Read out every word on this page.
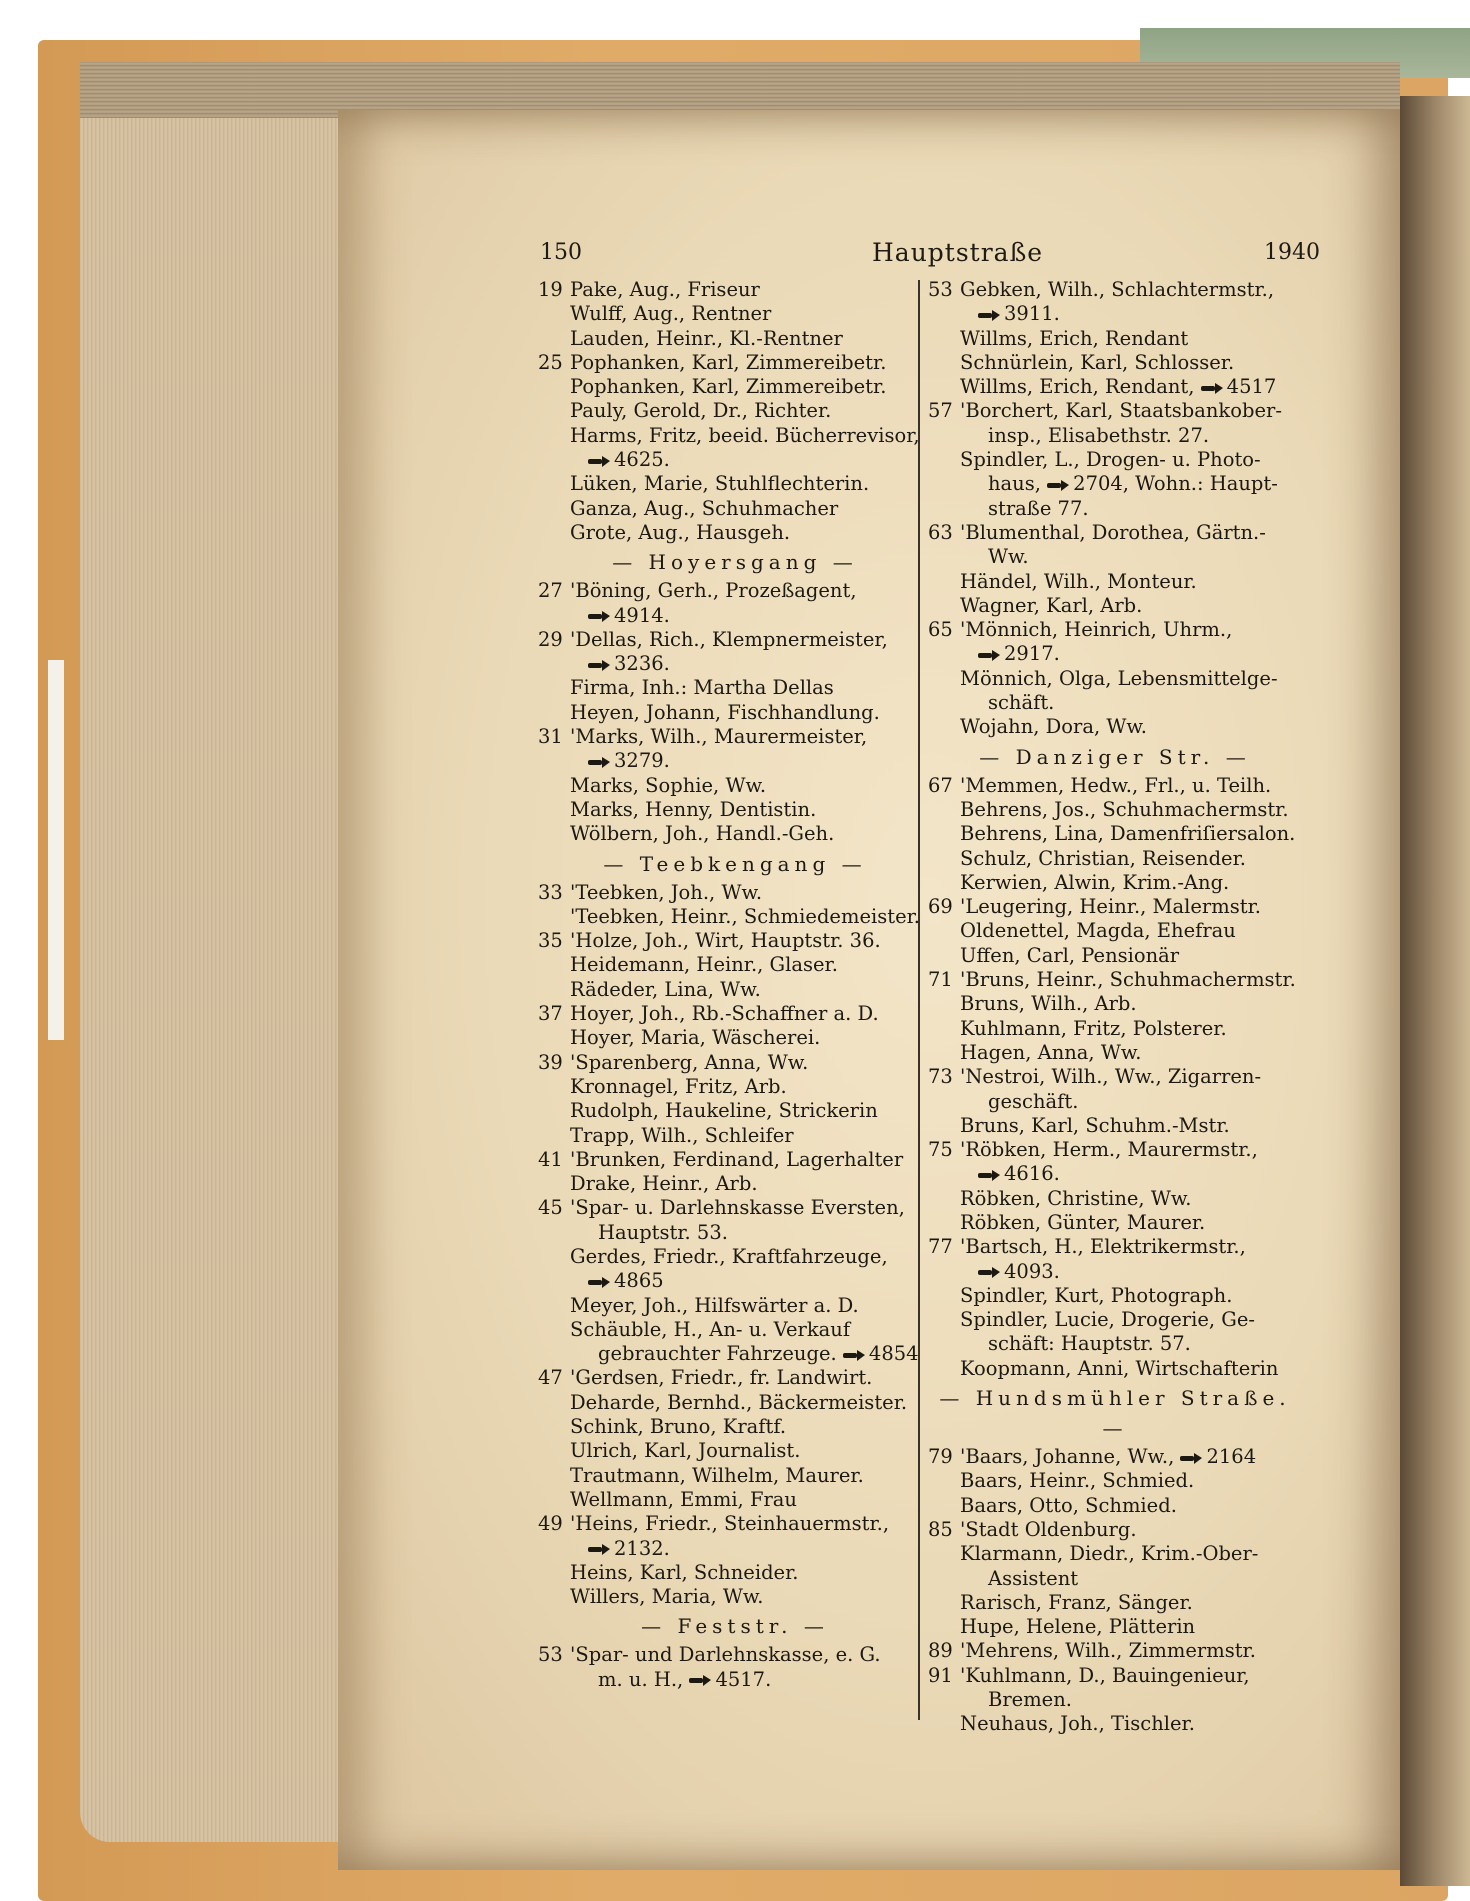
150	Hauptstraße	1940
19 Pake, Aug., Friseur
Wulff, Aug., Rentner
Lauden, Heinr., Kl.-Rentner
25 Pophanken, Karl, Zimmereibetr.
Pophanken, Karl, Zimmereibetr.
Pauly, Gerold, Dr., Richter.
Harms, Fritz, beeid. Bücherrevisor,
4625.
Lüken, Marie, Stuhlflechterin.
Ganza, Aug., Schuhmacher
Grote, Aug., Hausgeh.
— Hoyersgang —
27 'Böning, Gerh., Prozeßagent,
4914.
29 'Dellas, Rich., Klempnermeister,
3236.
Firma, Inh.: Martha Dellas
Heyen, Johann, Fischhandlung.
31 'Marks, Wilh., Maurermeister,
3279.
Marks, Sophie, Ww.
Marks, Henny, Dentistin.
Wölbern, Joh., Handl.-Geh.
— Teebkengang —
33 'Teebken, Joh., Ww.
'Teebken, Heinr., Schmiedemeister.
35 'Holze, Joh., Wirt, Hauptstr. 36.
Heidemann, Heinr., Glaser.
Rädeder, Lina, Ww.
37 Hoyer, Joh., Rb.-Schaffner a. D.
Hoyer, Maria, Wäscherei.
39 'Sparenberg, Anna, Ww.
Kronnagel, Fritz, Arb.
Rudolph, Haukeline, Strickerin
Trapp, Wilh., Schleifer
41 'Brunken, Ferdinand, Lagerhalter
Drake, Heinr., Arb.
45 'Spar- u. Darlehnskasse Eversten,
Hauptstr. 53.
Gerdes, Friedr., Kraftfahrzeuge,
4865
Meyer, Joh., Hilfswärter a. D.
Schäuble, H., An- u. Verkauf
gebrauchter Fahrzeuge. 4854
47 'Gerdsen, Friedr., fr. Landwirt.
Deharde, Bernhd., Bäckermeister.
Schink, Bruno, Kraftf.
Ulrich, Karl, Journalist.
Trautmann, Wilhelm, Maurer.
Wellmann, Emmi, Frau
49 'Heins, Friedr., Steinhauermstr.,
2132.
Heins, Karl, Schneider.
Willers, Maria, Ww.
— Feststr. —
53 'Spar- und Darlehnskasse, e. G.
m. u. H., 4517.
53 Gebken, Wilh., Schlachtermstr.,
3911.
Willms, Erich, Rendant
Schnürlein, Karl, Schlosser.
Willms, Erich, Rendant, 4517
57 'Borchert, Karl, Staatsbankober-
insp., Elisabethstr. 27.
Spindler, L., Drogen- u. Photo-
haus, 2704, Wohn.: Haupt-
straße 77.
63 'Blumenthal, Dorothea, Gärtn.-
Ww.
Händel, Wilh., Monteur.
Wagner, Karl, Arb.
65 'Mönnich, Heinrich, Uhrm.,
2917.
Mönnich, Olga, Lebensmittelge-
schäft.
Wojahn, Dora, Ww.
— Danziger Str. —
67 'Memmen, Hedw., Frl., u. Teilh.
Behrens, Jos., Schuhmachermstr.
Behrens, Lina, Damenfriſiersalon.
Schulz, Christian, Reisender.
Kerwien, Alwin, Krim.-Ang.
69 'Leugering, Heinr., Malermstr.
Oldenettel, Magda, Ehefrau
Uffen, Carl, Pensionär
71 'Bruns, Heinr., Schuhmachermstr.
Bruns, Wilh., Arb.
Kuhlmann, Fritz, Polsterer.
Hagen, Anna, Ww.
73 'Nestroi, Wilh., Ww., Zigarren-
geschäft.
Bruns, Karl, Schuhm.-Mstr.
75 'Röbken, Herm., Maurermstr.,
4616.
Röbken, Christine, Ww.
Röbken, Günter, Maurer.
77 'Bartsch, H., Elektrikermstr.,
4093.
Spindler, Kurt, Photograph.
Spindler, Lucie, Drogerie, Ge-
schäft: Hauptstr. 57.
Koopmann, Anni, Wirtschafterin
— Hundsmühler Straße. —
79 'Baars, Johanne, Ww., 2164
Baars, Heinr., Schmied.
Baars, Otto, Schmied.
85 'Stadt Oldenburg.
Klarmann, Diedr., Krim.-Ober-
Assistent
Rarisch, Franz, Sänger.
Hupe, Helene, Plätterin
89 'Mehrens, Wilh., Zimmermstr.
91 'Kuhlmann, D., Bauingenieur,
Bremen.
Neuhaus, Joh., Tischler.
